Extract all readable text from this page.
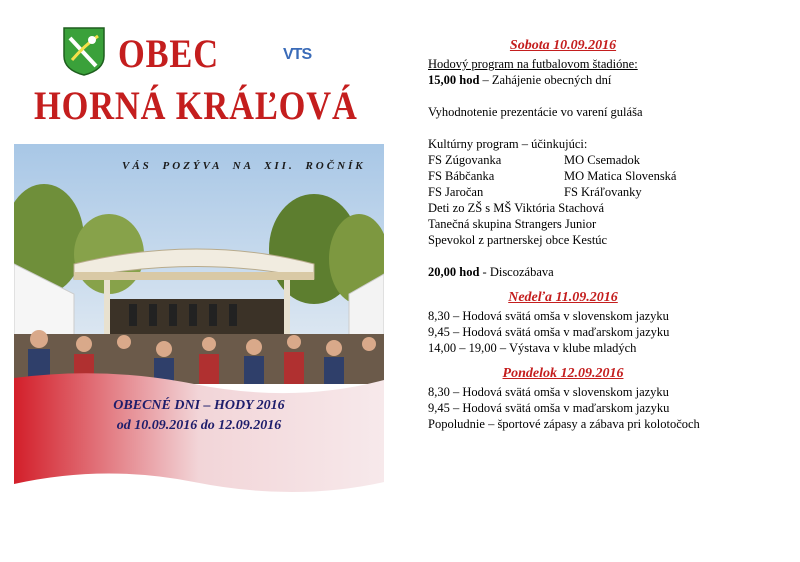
OBEC
HORNÁ KRÁĽOVÁ
VTS
VÁS POZÝVA NA XII. ROČNÍK
OBECNÉ DNI – HODY 2016
od 10.09.2016 do 12.09.2016
Sobota 10.09.2016
Hodový program na futbalovom štadióne:
15,00 hod – Zahájenie obecných dní
Vyhodnotenie prezentácie vo varení guláša
Kultúrny program – účinkujúci:
FS Zúgovanka	MO Csemadok
FS Bábčanka	MO Matica Slovenská
FS Jaročan	FS Kráľovanky
Deti zo ZŠ s MŠ Viktória Stachová
Tanečná skupina Strangers Junior
Spevokol z partnerskej obce Kestúc
20,00 hod - Discozábava
Nedeľa 11.09.2016
8,30 – Hodová svätá omša v slovenskom jazyku
9,45 – Hodová svätá omša v maďarskom jazyku
14,00 – 19,00 – Výstava v klube mladých
Pondelok 12.09.2016
8,30 – Hodová svätá omša v slovenskom jazyku
9,45 – Hodová svätá omša v maďarskom jazyku
Popoludnie – športové zápasy a zábava pri kolotočoch
